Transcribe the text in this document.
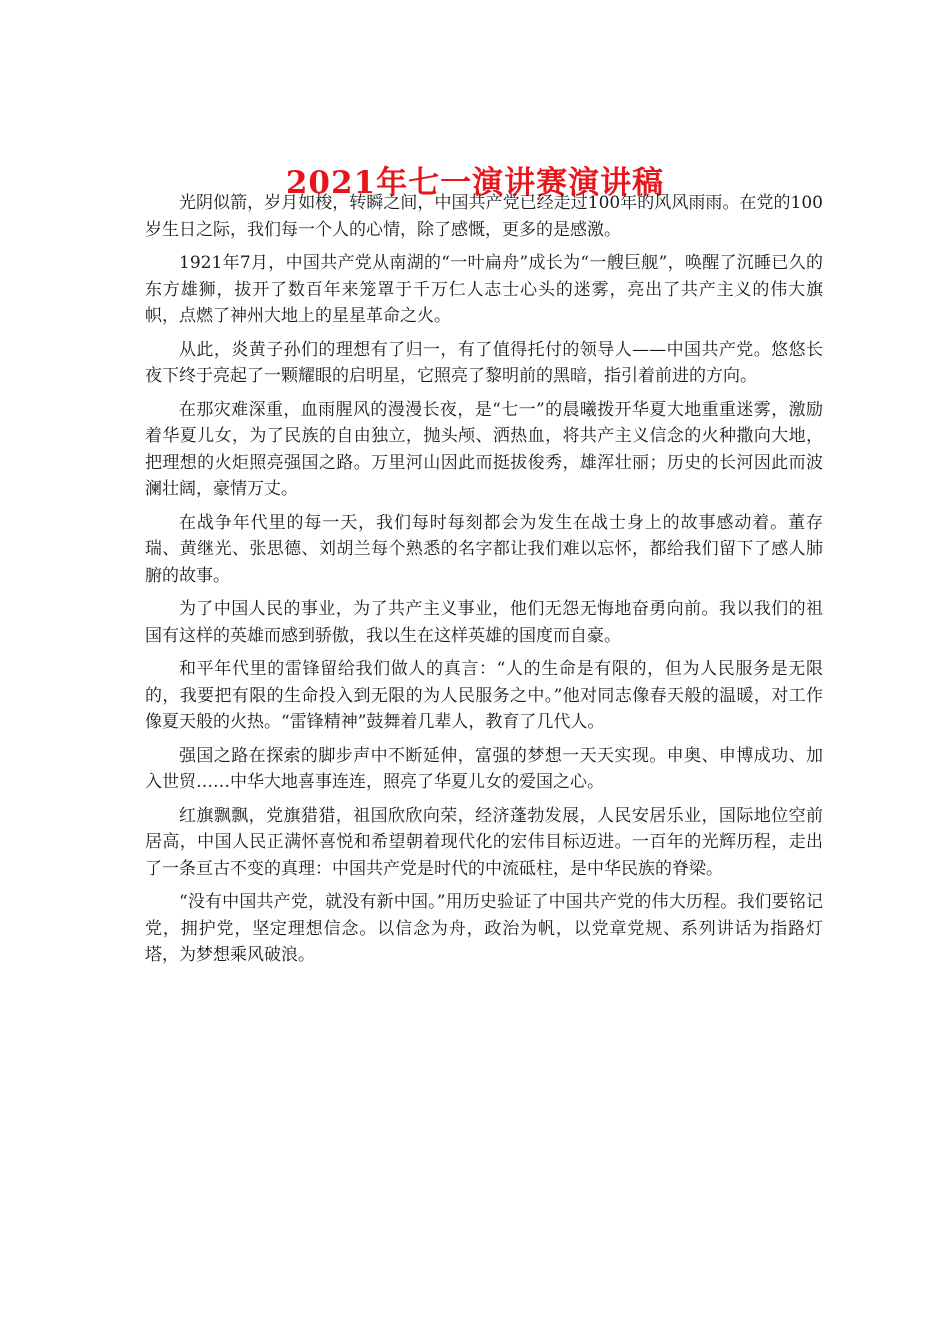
2021年七一演讲赛演讲稿

光阴似箭，岁月如梭，转瞬之间，中国共产党已经走过100年的风风雨雨。在党的100岁生日之际，我们每一个人的心情，除了感慨，更多的是感激。

1921年7月，中国共产党从南湖的“一叶扁舟”成长为“一艘巨舰”，唤醒了沉睡已久的东方雄狮，拔开了数百年来笼罩于千万仁人志士心头的迷雾，亮出了共产主义的伟大旗帜，点燃了神州大地上的星星革命之火。

从此，炎黄子孙们的理想有了归一，有了值得托付的领导人——中国共产党。悠悠长夜下终于亮起了一颗耀眼的启明星，它照亮了黎明前的黑暗，指引着前进的方向。

在那灾难深重，血雨腥风的漫漫长夜，是“七一”的晨曦拨开华夏大地重重迷雾，激励着华夏儿女，为了民族的自由独立，抛头颅、洒热血，将共产主义信念的火种撒向大地，把理想的火炬照亮强国之路。万里河山因此而挺拔俊秀，雄浑壮丽；历史的长河因此而波澜壮阔，豪情万丈。

在战争年代里的每一天，我们每时每刻都会为发生在战士身上的故事感动着。董存瑞、黄继光、张思德、刘胡兰每个熟悉的名字都让我们难以忘怀，都给我们留下了感人肺腑的故事。

为了中国人民的事业，为了共产主义事业，他们无怨无悔地奋勇向前。我以我们的祖国有这样的英雄而感到骄傲，我以生在这样英雄的国度而自豪。

和平年代里的雷锋留给我们做人的真言：“人的生命是有限的，但为人民服务是无限的，我要把有限的生命投入到无限的为人民服务之中。”他对同志像春天般的温暖，对工作像夏天般的火热。“雷锋精神”鼓舞着几辈人，教育了几代人。

强国之路在探索的脚步声中不断延伸，富强的梦想一天天实现。申奥、申博成功、加入世贸……中华大地喜事连连，照亮了华夏儿女的爱国之心。

红旗飘飘，党旗猎猎，祖国欣欣向荣，经济蓬勃发展，人民安居乐业，国际地位空前居高，中国人民正满怀喜悦和希望朝着现代化的宏伟目标迈进。一百年的光辉历程，走出了一条亘古不变的真理：中国共产党是时代的中流砥柱，是中华民族的脊梁。

“没有中国共产党，就没有新中国。”用历史验证了中国共产党的伟大历程。我们要铭记党，拥护党，坚定理想信念。以信念为舟，政治为帆，以党章党规、系列讲话为指路灯塔，为梦想乘风破浪。
